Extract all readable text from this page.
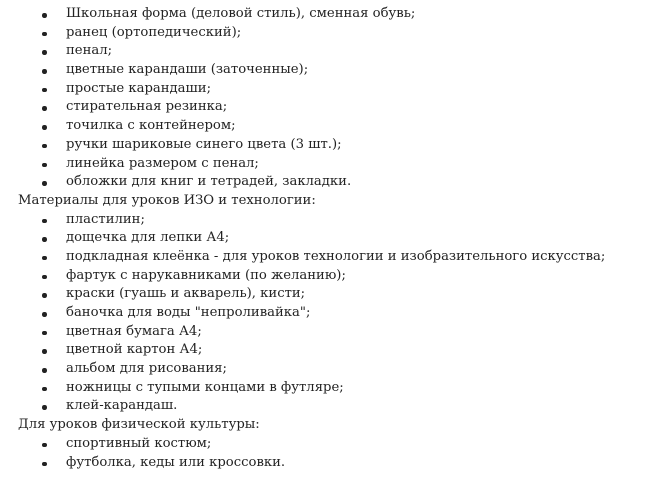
Школьная форма (деловой стиль), сменная обувь;
ранец (ортопедический);
пенал;
цветные карандаши (заточенные);
простые карандаши;
стирательная резинка;
точилка с контейнером;
ручки шариковые синего цвета (3 шт.);
линейка размером с пенал;
обложки для книг и тетрадей, закладки.
Материалы для уроков ИЗО и технологии:
пластилин;
дощечка для лепки А4;
подкладная клеёнка - для уроков технологии и изобразительного искусства;
фартук с нарукавниками (по желанию);
краски (гуашь и акварель), кисти;
баночка для воды "непроливайка";
цветная бумага А4;
цветной картон А4;
альбом для рисования;
ножницы с тупыми концами в футляре;
клей-карандаш.
Для уроков физической культуры:
спортивный костюм;
футболка, кеды или кроссовки.
